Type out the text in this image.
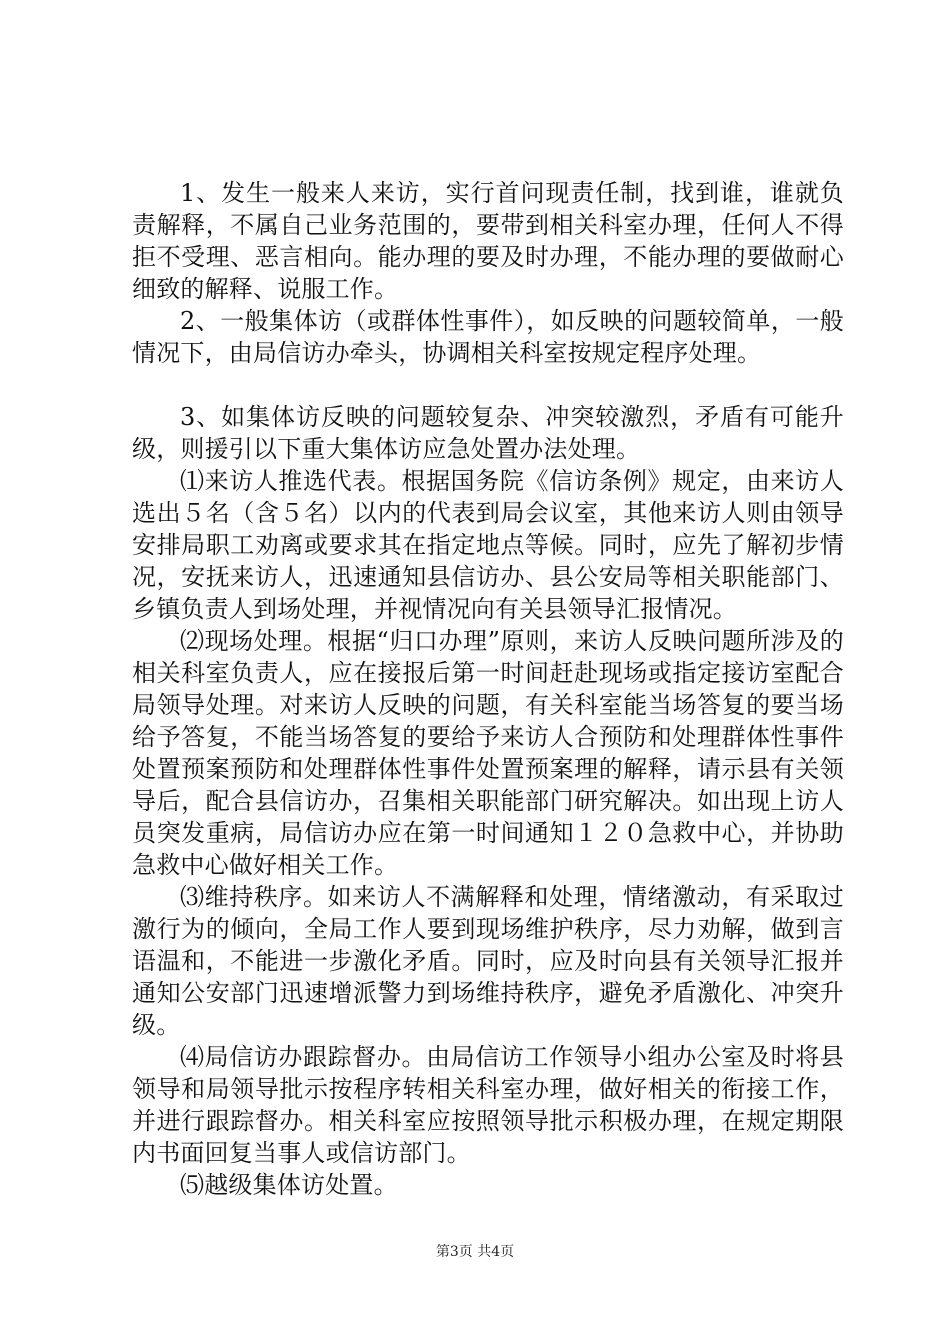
1、发生一般来人来访，实行首问现责任制，找到谁，谁就负责解释，不属自己业务范围的，要带到相关科室办理，任何人不得拒不受理、恶言相向。能办理的要及时办理，不能办理的要做耐心细致的解释、说服工作。

2、一般集体访（或群体性事件），如反映的问题较简单，一般情况下，由局信访办牵头，协调相关科室按规定程序处理。

3、如集体访反映的问题较复杂、冲突较激烈，矛盾有可能升级，则援引以下重大集体访应急处置办法处理。

⑴来访人推选代表。根据国务院《信访条例》规定，由来访人选出５名（含５名）以内的代表到局会议室，其他来访人则由领导安排局职工劝离或要求其在指定地点等候。同时，应先了解初步情况，安抚来访人，迅速通知县信访办、县公安局等相关职能部门、乡镇负责人到场处理，并视情况向有关县领导汇报情况。

⑵现场处理。根据“归口办理”原则，来访人反映问题所涉及的相关科室负责人，应在接报后第一时间赶赴现场或指定接访室配合局领导处理。对来访人反映的问题，有关科室能当场答复的要当场给予答复，不能当场答复的要给予来访人合预防和处理群体性事件处置预案预防和处理群体性事件处置预案理的解释，请示县有关领导后，配合县信访办，召集相关职能部门研究解决。如出现上访人员突发重病，局信访办应在第一时间通知１２０急救中心，并协助急救中心做好相关工作。

⑶维持秩序。如来访人不满解释和处理，情绪激动，有采取过激行为的倾向，全局工作人要到现场维护秩序，尽力劝解，做到言语温和，不能进一步激化矛盾。同时，应及时向县有关领导汇报并通知公安部门迅速增派警力到场维持秩序，避免矛盾激化、冲突升级。

⑷局信访办跟踪督办。由局信访工作领导小组办公室及时将县领导和局领导批示按程序转相关科室办理，做好相关的衔接工作，并进行跟踪督办。相关科室应按照领导批示积极办理，在规定期限内书面回复当事人或信访部门。

⑸越级集体访处置。

第3页 共4页
